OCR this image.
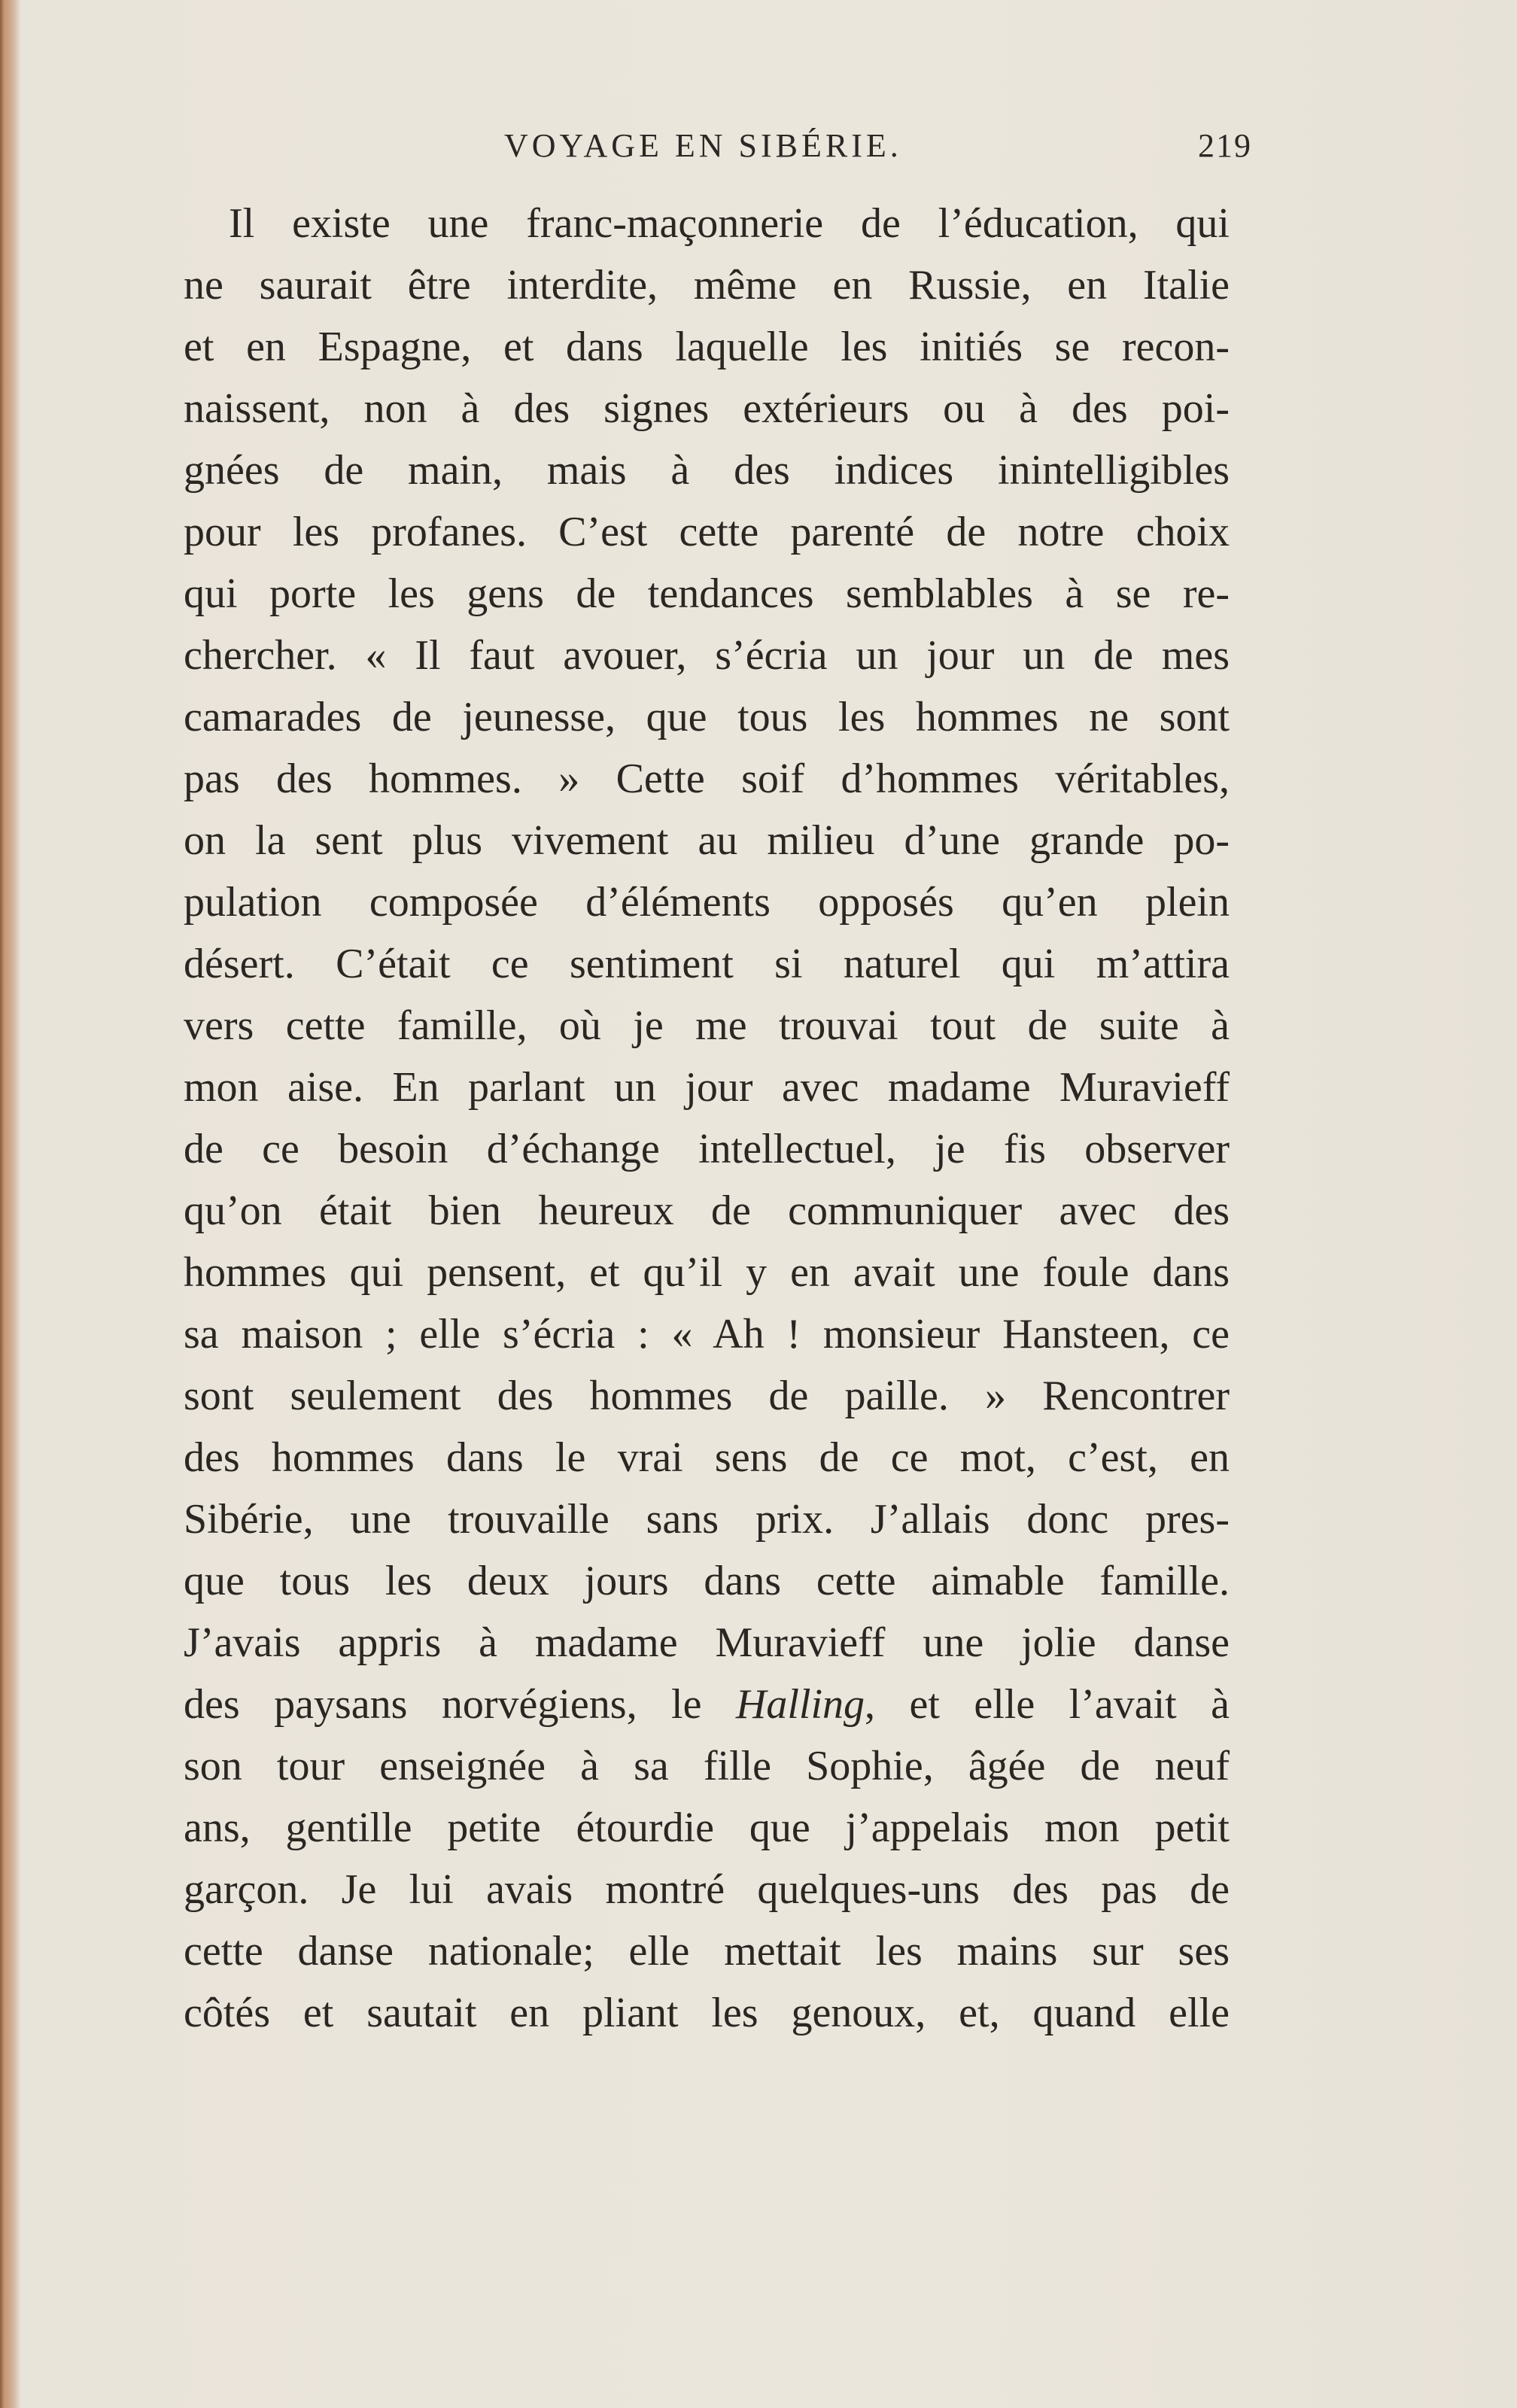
VOYAGE EN SIBÉRIE.	219
Il existe une franc-maçonnerie de l’éducation, qui
ne saurait être interdite, même en Russie, en Italie
et en Espagne, et dans laquelle les initiés se recon-
naissent, non à des signes extérieurs ou à des poi-
gnées de main, mais à des indices inintelligibles
pour les profanes. C’est cette parenté de notre choix
qui porte les gens de tendances semblables à se re-
chercher. « Il faut avouer, s’écria un jour un de mes
camarades de jeunesse, que tous les hommes ne sont
pas des hommes. » Cette soif d’hommes véritables,
on la sent plus vivement au milieu d’une grande po-
pulation composée d’éléments opposés qu’en plein
désert. C’était ce sentiment si naturel qui m’attira
vers cette famille, où je me trouvai tout de suite à
mon aise. En parlant un jour avec madame Muravieff
de ce besoin d’échange intellectuel, je fis observer
qu’on était bien heureux de communiquer avec des
hommes qui pensent, et qu’il y en avait une foule dans
sa maison ; elle s’écria : « Ah ! monsieur Hansteen, ce
sont seulement des hommes de paille. » Rencontrer
des hommes dans le vrai sens de ce mot, c’est, en
Sibérie, une trouvaille sans prix. J’allais donc pres-
que tous les deux jours dans cette aimable famille.
J’avais appris à madame Muravieff une jolie danse
des paysans norvégiens, le Halling, et elle l’avait à
son tour enseignée à sa fille Sophie, âgée de neuf
ans, gentille petite étourdie que j’appelais mon petit
garçon. Je lui avais montré quelques-uns des pas de
cette danse nationale; elle mettait les mains sur ses
côtés et sautait en pliant les genoux, et, quand elle
